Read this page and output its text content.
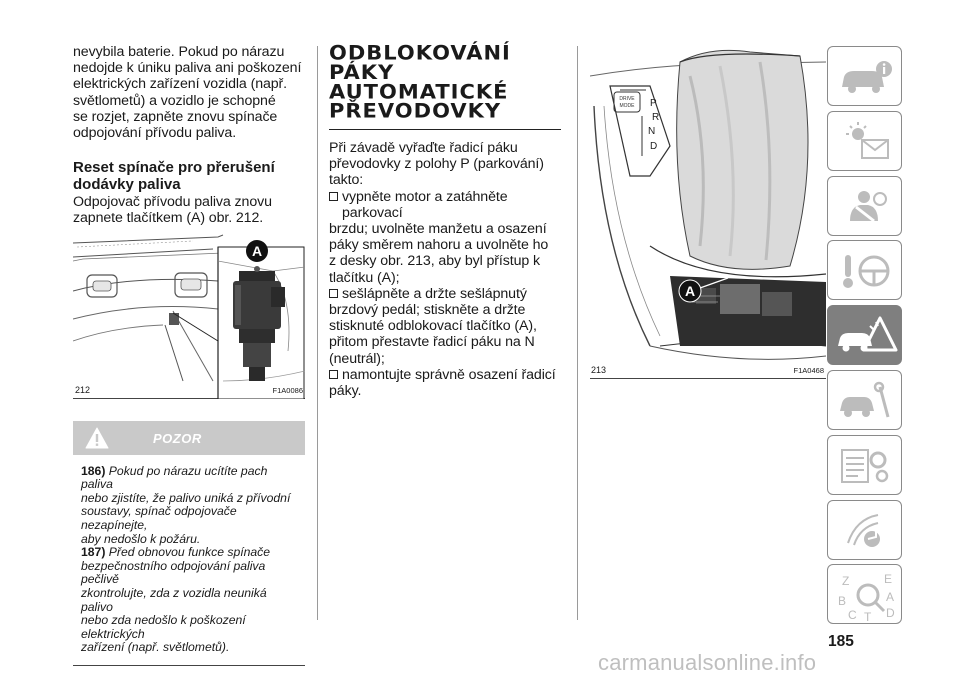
nevybila baterie. Pokud po nárazu
nedojde k úniku paliva ani poškození
elektrických zařízení vozidla (např.
světlometů) a vozidlo je schopné
se rozjet, zapněte znovu spínače
odpojování přívodu paliva.
Reset spínače pro přerušení
dodávky paliva
Odpojovač přívodu paliva znovu
zapnete tlačítkem (A) obr. 212.
A
212	F1A0086
POZOR

186) Pokud po nárazu ucítíte pach paliva

nebo zjistíte, že palivo uniká z přívodní

soustavy, spínač odpojovače nezapínejte,

aby nedošlo k požáru.

187) Před obnovou funkce spínače

bezpečnostního odpojování paliva pečlivě

zkontrolujte, zda z vozidla neuniká palivo

nebo zda nedošlo k poškození elektrických

zařízení (např. světlometů).

ODBLOKOVÁNÍ
PÁKY AUTOMATICKÉ
PŘEVODOVKY
Při závadě vyřaďte řadicí páku
převodovky z polohy P (parkování)
takto:
vypněte motor a zatáhněte parkovací
brzdu; uvolněte manžetu a osazení
páky směrem nahoru a uvolněte ho
z desky obr. 213, aby byl přístup k
tlačítku (A);
sešlápněte a držte sešlápnutý
brzdový pedál; stiskněte a držte
stisknuté odblokovací tlačítko (A),
přitom přestavte řadicí páku na N
(neutrál);
namontujte správně osazení řadicí
páky.
DRIVE
MODE P
R
N
D
A
213	F1A0468
Z	E
B	A
C T D
185
carmanualsonline.info
